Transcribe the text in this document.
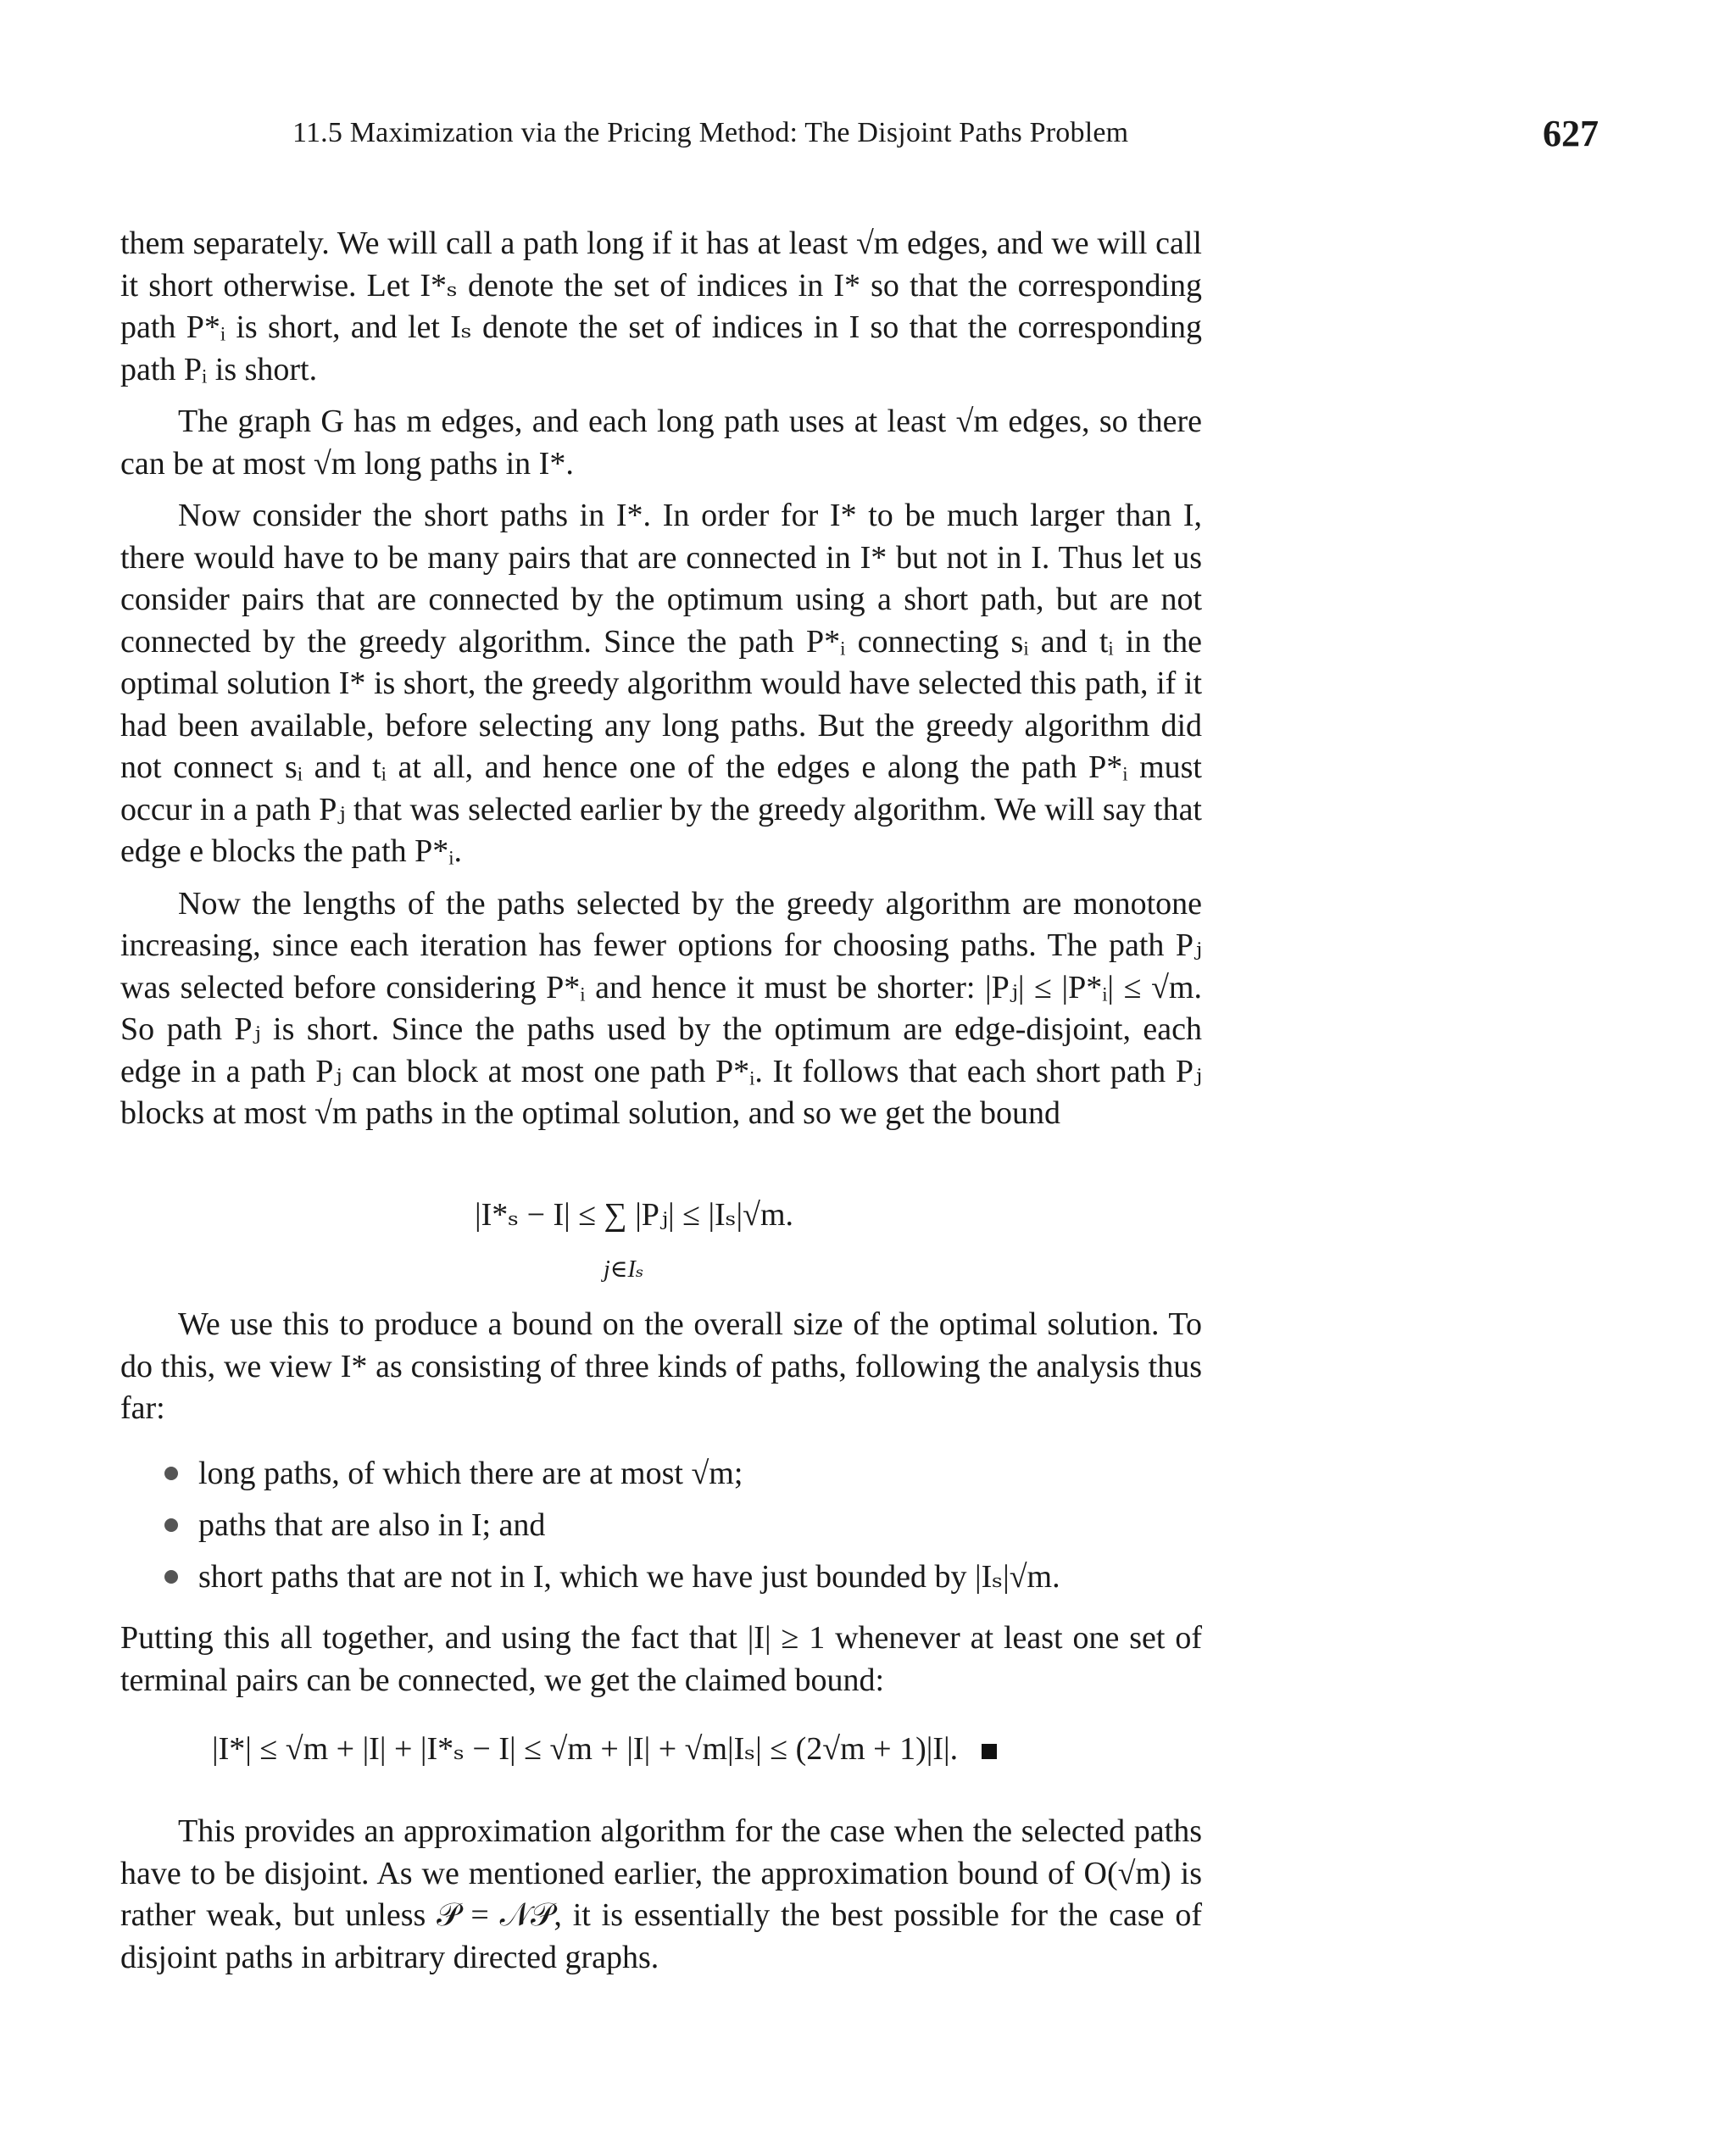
11.5 Maximization via the Pricing Method: The Disjoint Paths Problem	627

them separately. We will call a path long if it has at least √m edges, and we will call it short otherwise. Let I*ₛ denote the set of indices in I* so that the corresponding path P*ᵢ is short, and let Iₛ denote the set of indices in I so that the corresponding path Pᵢ is short.

The graph G has m edges, and each long path uses at least √m edges, so there can be at most √m long paths in I*.

Now consider the short paths in I*. In order for I* to be much larger than I, there would have to be many pairs that are connected in I* but not in I. Thus let us consider pairs that are connected by the optimum using a short path, but are not connected by the greedy algorithm. Since the path P*ᵢ connecting sᵢ and tᵢ in the optimal solution I* is short, the greedy algorithm would have selected this path, if it had been available, before selecting any long paths. But the greedy algorithm did not connect sᵢ and tᵢ at all, and hence one of the edges e along the path P*ᵢ must occur in a path Pⱼ that was selected earlier by the greedy algorithm. We will say that edge e blocks the path P*ᵢ.

Now the lengths of the paths selected by the greedy algorithm are monotone increasing, since each iteration has fewer options for choosing paths. The path Pⱼ was selected before considering P*ᵢ and hence it must be shorter: |Pⱼ| ≤ |P*ᵢ| ≤ √m. So path Pⱼ is short. Since the paths used by the optimum are edge-disjoint, each edge in a path Pⱼ can block at most one path P*ᵢ. It follows that each short path Pⱼ blocks at most √m paths in the optimal solution, and so we get the bound

|I*ₛ − I| ≤ ∑ |Pⱼ| ≤ |Iₛ|√m.
j∈Iₛ

We use this to produce a bound on the overall size of the optimal solution. To do this, we view I* as consisting of three kinds of paths, following the analysis thus far:

long paths, of which there are at most √m;
paths that are also in I; and
short paths that are not in I, which we have just bounded by |Iₛ|√m.

Putting this all together, and using the fact that |I| ≥ 1 whenever at least one set of terminal pairs can be connected, we get the claimed bound:

|I*| ≤ √m + |I| + |I*ₛ − I| ≤ √m + |I| + √m|Iₛ| ≤ (2√m + 1)|I|.

This provides an approximation algorithm for the case when the selected paths have to be disjoint. As we mentioned earlier, the approximation bound of O(√m) is rather weak, but unless 𝒫 = 𝒩𝒫, it is essentially the best possible for the case of disjoint paths in arbitrary directed graphs.
